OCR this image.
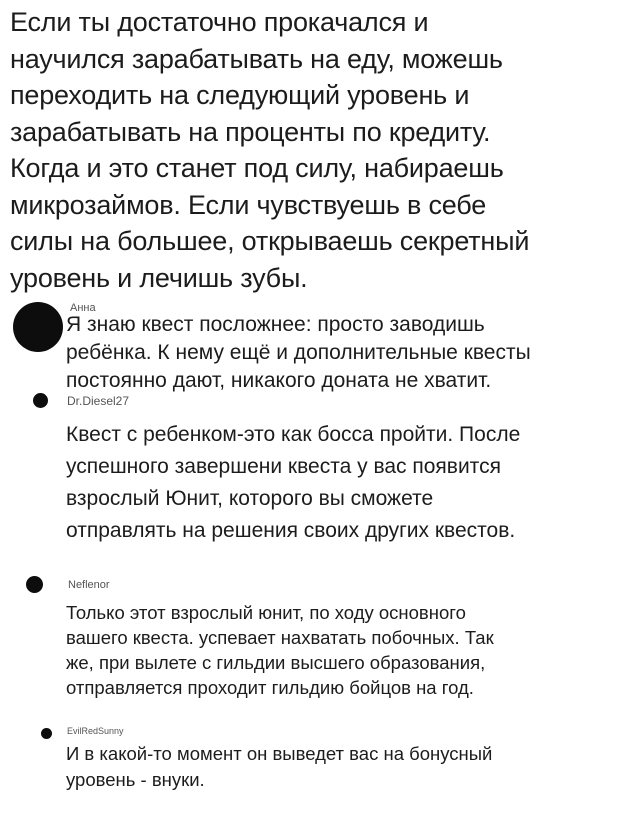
Если ты достаточно прокачался и
научился зарабатывать на еду, можешь
переходить на следующий уровень и
зарабатывать на проценты по кредиту.
Когда и это станет под силу, набираешь
микрозаймов. Если чувствуешь в себе
силы на большее, открываешь секретный
уровень и лечишь зубы.
Анна
Я знаю квест посложнее: просто заводишь
ребёнка. К нему ещё и дополнительные квесты
постоянно дают, никакого доната не хватит.
Dr.Diesel27
Квест с ребенком-это как босса пройти. После
успешного завершени квеста у вас появится
взрослый Юнит, которого вы сможете
отправлять на решения своих других квестов.
Neflenor
Только этот взрослый юнит, по ходу основного
вашего квеста. успевает нахватать побочных. Так
же, при вылете с гильдии высшего образования,
отправляется проходит гильдию бойцов на год.
EvilRedSunny
И в какой-то момент он выведет вас на бонусный
уровень - внуки.
